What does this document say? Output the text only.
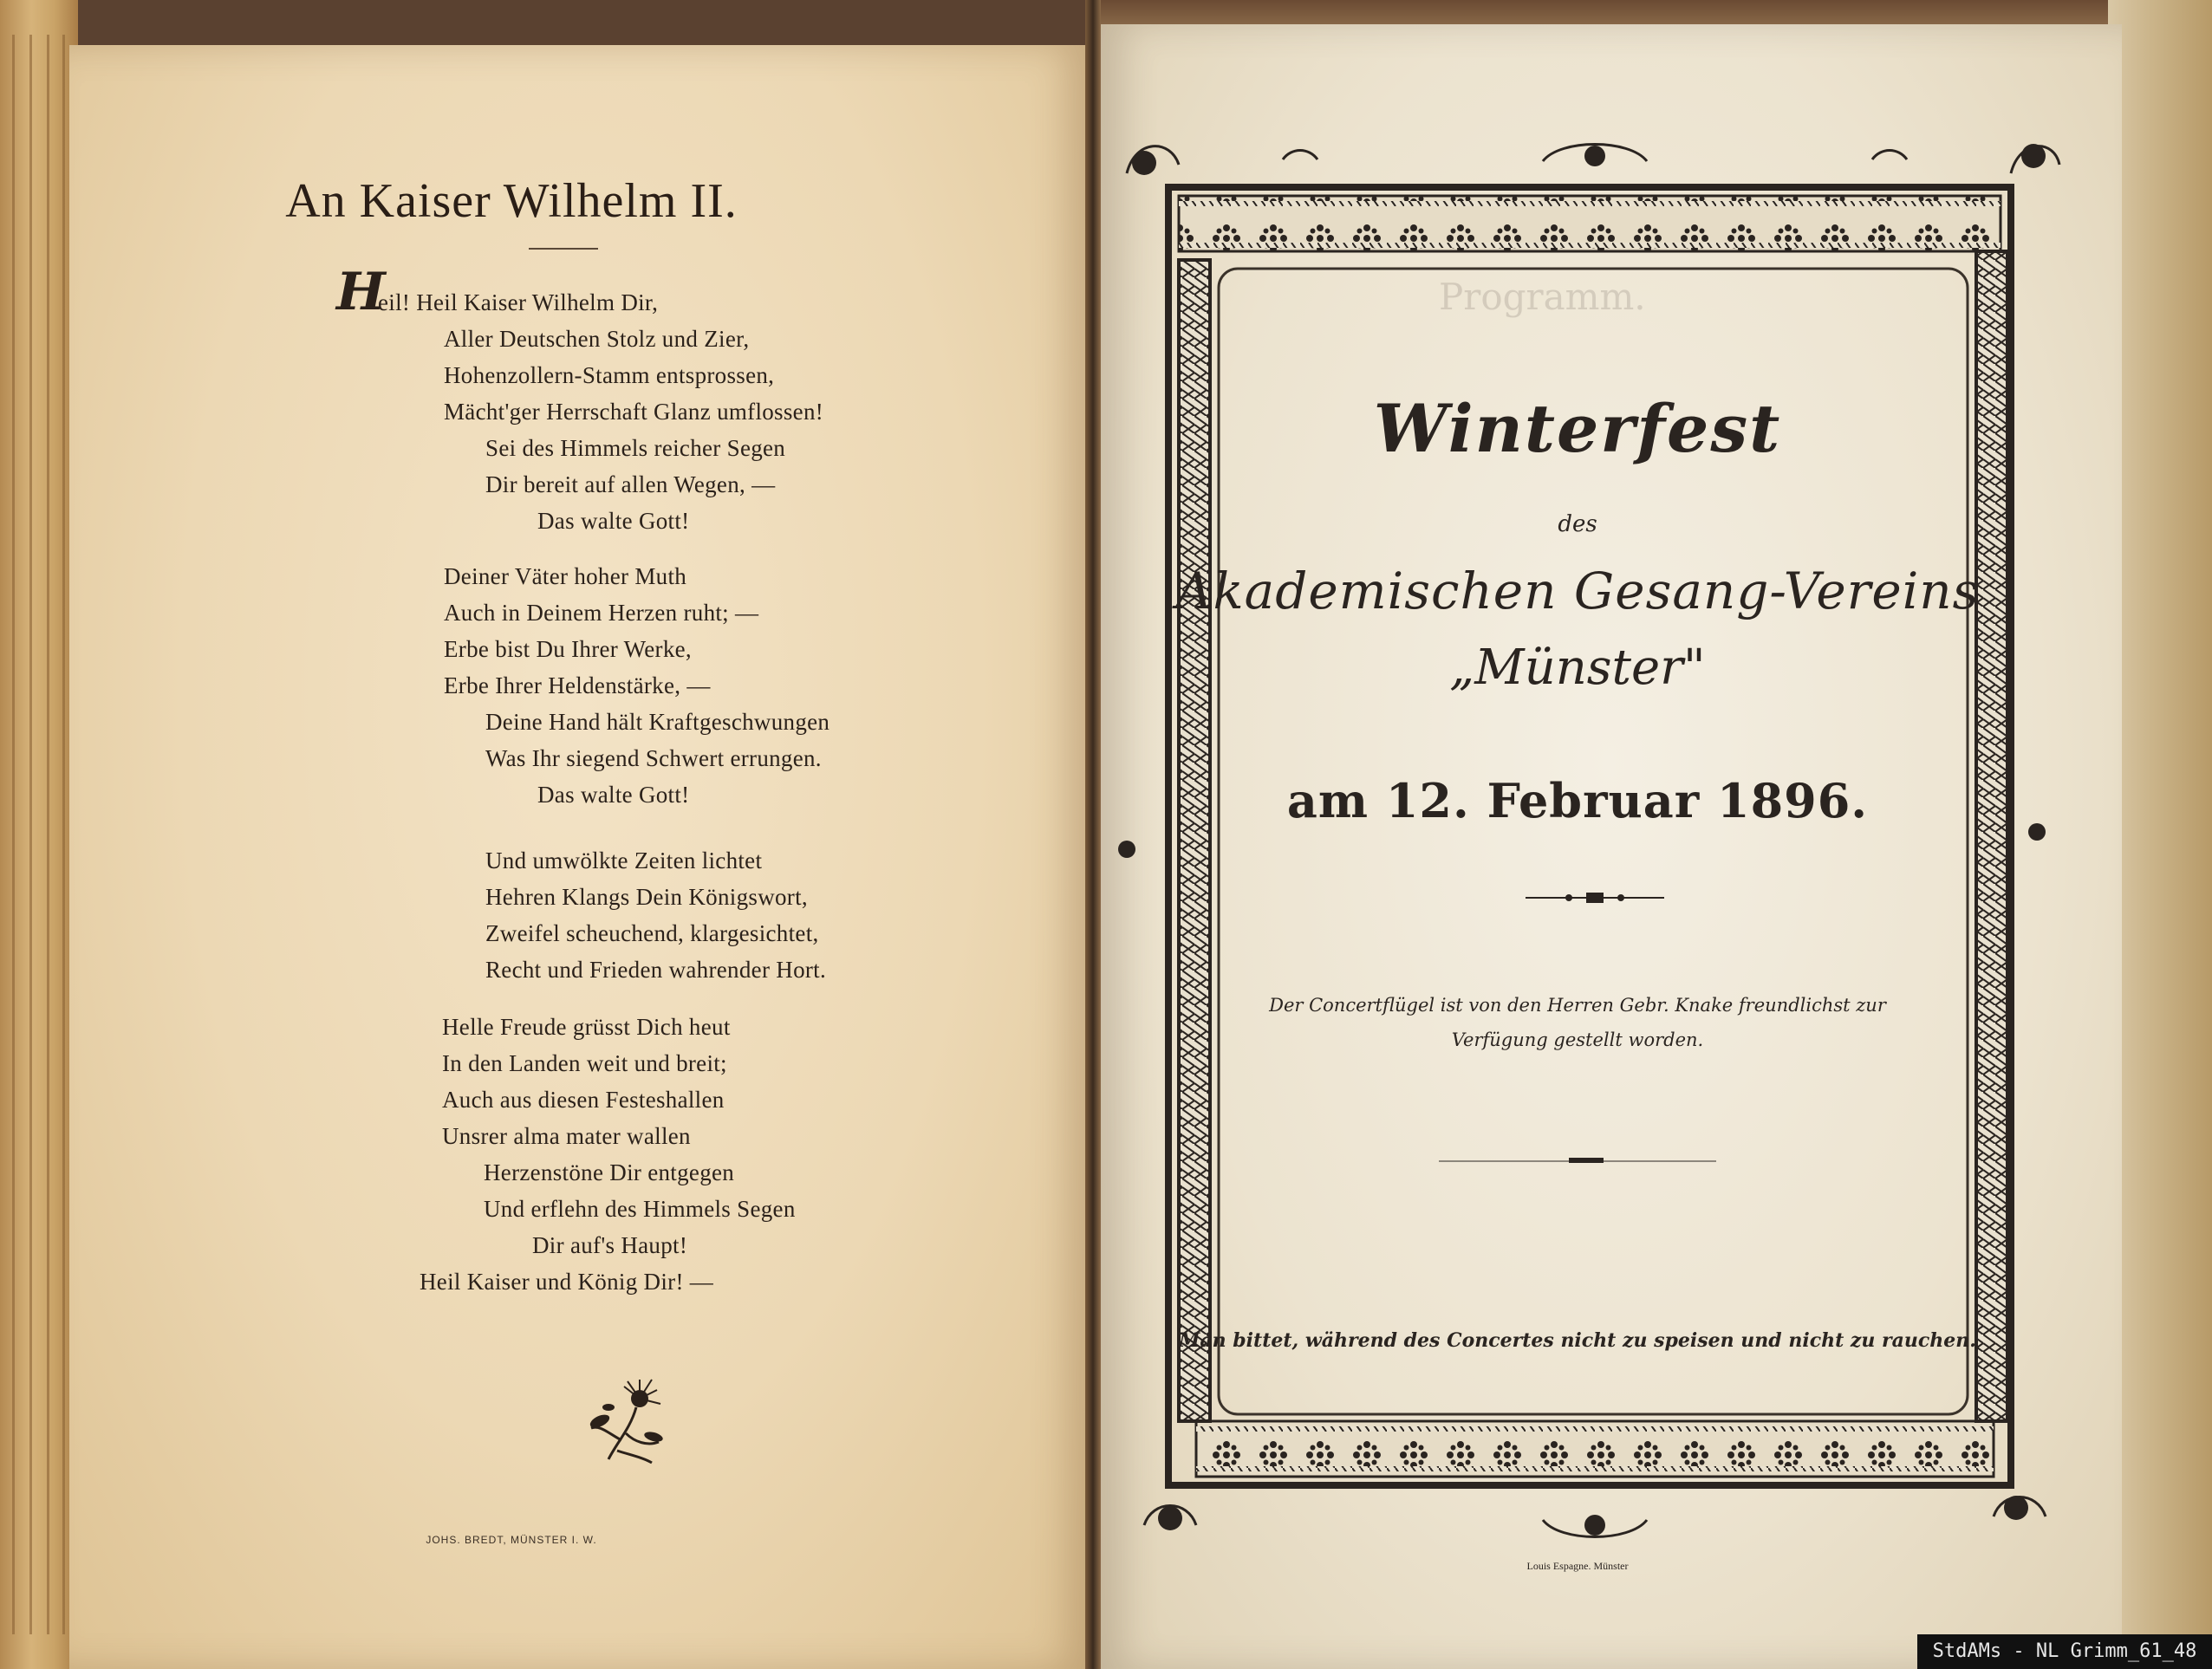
An Kaiser Wilhelm II.
H
eil! Heil Kaiser Wilhelm Dir,
Aller Deutschen Stolz und Zier,
Hohenzollern-Stamm entsprossen,
Mächt'ger Herrschaft Glanz umflossen!
Sei des Himmels reicher Segen
Dir bereit auf allen Wegen, —
Das walte Gott!
Deiner Väter hoher Muth
Auch in Deinem Herzen ruht; —
Erbe bist Du Ihrer Werke,
Erbe Ihrer Heldenstärke, —
Deine Hand hält Kraftgeschwungen
Was Ihr siegend Schwert errungen.
Das walte Gott!
Und umwölkte Zeiten lichtet
Hehren Klangs Dein Königswort,
Zweifel scheuchend, klargesichtet,
Recht und Frieden wahrender Hort.
Helle Freude grüsst Dich heut
In den Landen weit und breit;
Auch aus diesen Festeshallen
Unsrer alma mater wallen
Herzenstöne Dir entgegen
Und erflehn des Himmels Segen
Dir auf's Haupt!
Heil Kaiser und König Dir! —
JOHS. BREDT, MÜNSTER I. W.
Programm.
Winterfest
des
Akademischen Gesang-Vereins
„Münster"
am 12. Februar 1896.
Der Concertflügel ist von den Herren Gebr. Knake freundlichst zur
Verfügung gestellt worden.
Man bittet, während des Concertes nicht zu speisen und nicht zu rauchen.
Louis Espagne. Münster
StdAMs - NL Grimm_61_48
